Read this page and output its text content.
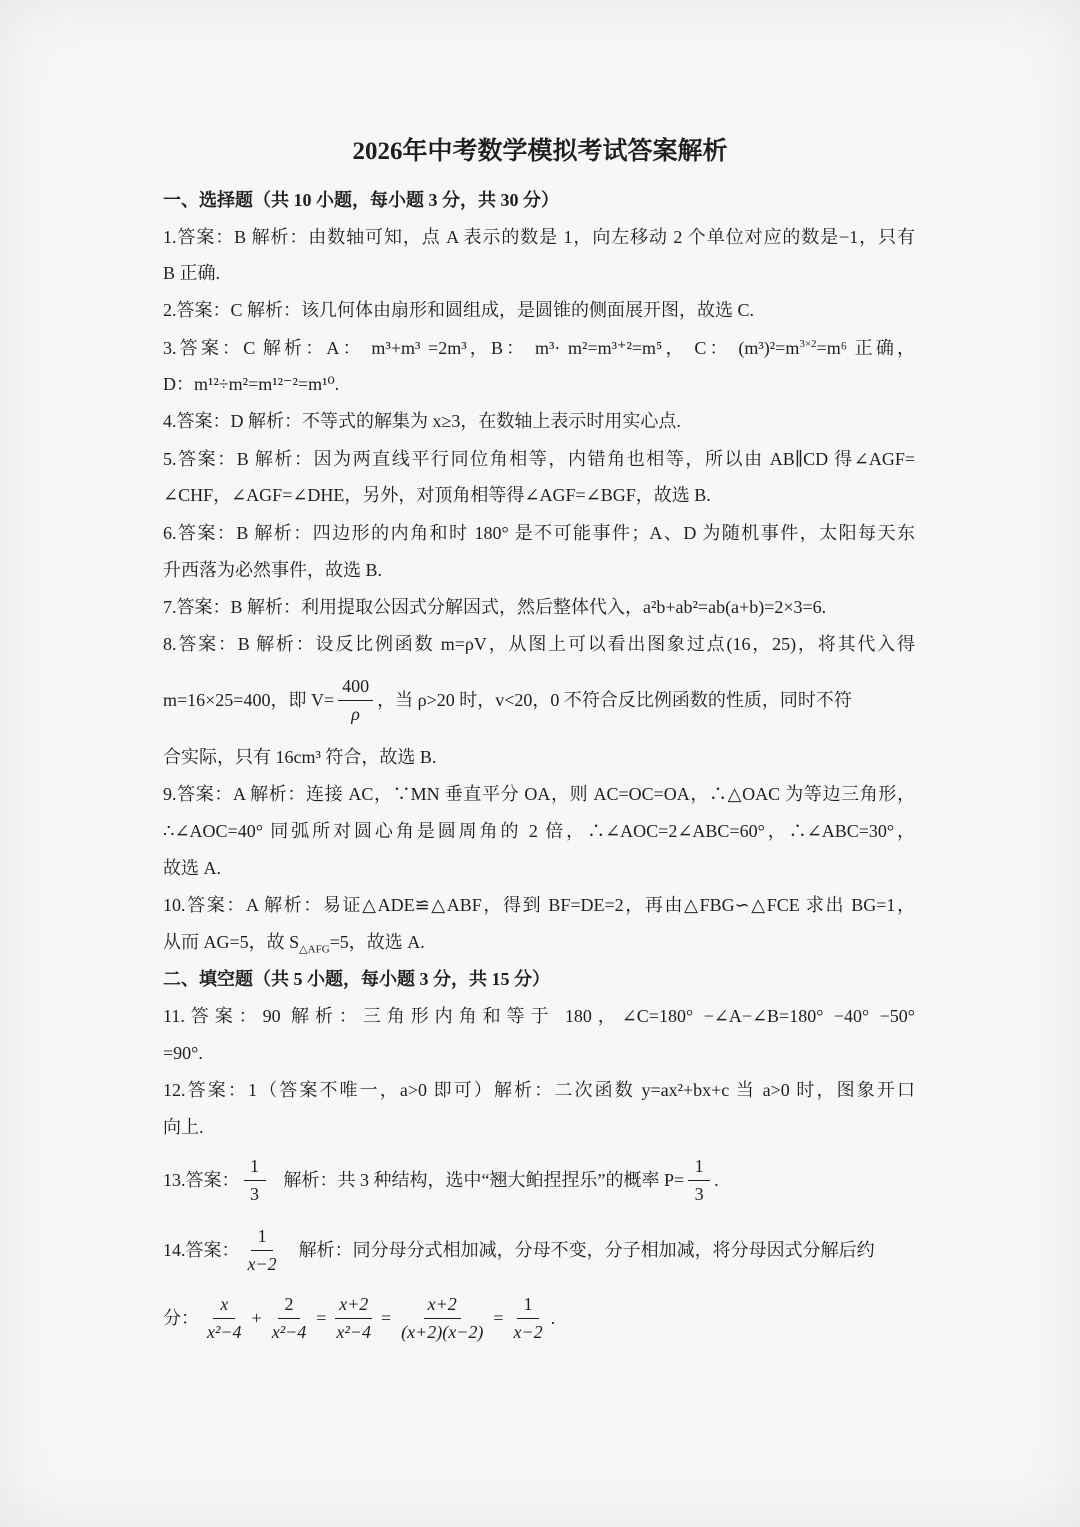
2026年中考数学模拟考试答案解析
一、选择题（共 10 小题，每小题 3 分，共 30 分）
1.答案：B 解析：由数轴可知，点 A 表示的数是 1，向左移动 2 个单位对应的数是−1，只有
B 正确.
2.答案：C 解析：该几何体由扇形和圆组成，是圆锥的侧面展开图，故选 C.
3.答案：C 解析：A： m³+m³ =2m³，B： m³· m²=m³⁺²=m⁵， C： $(m^3)^2=m^{3\times 2}=m^6$ 正确，
D：m¹²÷m²=m¹²⁻²=m¹⁰.
4.答案：D 解析：不等式的解集为 x≥3，在数轴上表示时用实心点.
5.答案：B 解析：因为两直线平行同位角相等，内错角也相等，所以由 AB∥CD 得∠AGF=
∠CHF，∠AGF=∠DHE，另外，对顶角相等得∠AGF=∠BGF，故选 B.
6.答案：B 解析：四边形的内角和时 180° 是不可能事件；A、D 为随机事件，太阳每天东
升西落为必然事件，故选 B.
7.答案：B 解析：利用提取公因式分解因式，然后整体代入，a²b+ab²=ab(a+b)=2×3=6.
8.答案：B 解析：设反比例函数 m=ρV，从图上可以看出图象过点(16，25)，将其代入得
m=16×25=400，即 $V= \frac{400}{\rho}$ ，当 ρ>20 时，v<20，0 不符合反比例函数的性质，同时不符
合实际，只有 16cm³ 符合，故选 B.
9.答案：A 解析：连接 AC，∵MN 垂直平分 OA，则 AC=OC=OA，∴△OAC 为等边三角形，
∴∠AOC=40° 同弧所对圆心角是圆周角的 2 倍，∴∠AOC=2∠ABC=60°，∴∠ABC=30°，
故选 A.
10.答案：A 解析：易证△ADE≌△ABF，得到 BF=DE=2，再由△FBG∽△FCE 求出 BG=1，
从而 AG=5，故 $S_{\triangle AFG}=5$，故选 A.
二、填空题（共 5 小题，每小题 3 分，共 15 分）
11.答案：90 解析：三角形内角和等于 180，∠C=180° −∠A−∠B=180° −40° −50°
=90°.
12.答案：1（答案不唯一，a>0 即可）解析：二次函数 y=ax²+bx+c 当 a>0 时，图象开口
向上.
13.答案： $\frac{1}{3}$ 解析：共 3 种结构，选中“翘大鲌捏捏乐”的概率 $P= \frac{1}{3}$ .
14.答案： $\frac{1}{x-2}$ 解析：同分母分式相加减，分母不变，分子相加减，将分母因式分解后约
分： $\frac{x}{\text{x²−4}} + \frac{2}{\text{x²−4}} = \frac{x+2}{\text{x²−4}} = \frac{x+2}{(x+2)(x-2)} = \frac{1}{x-2}$ .
